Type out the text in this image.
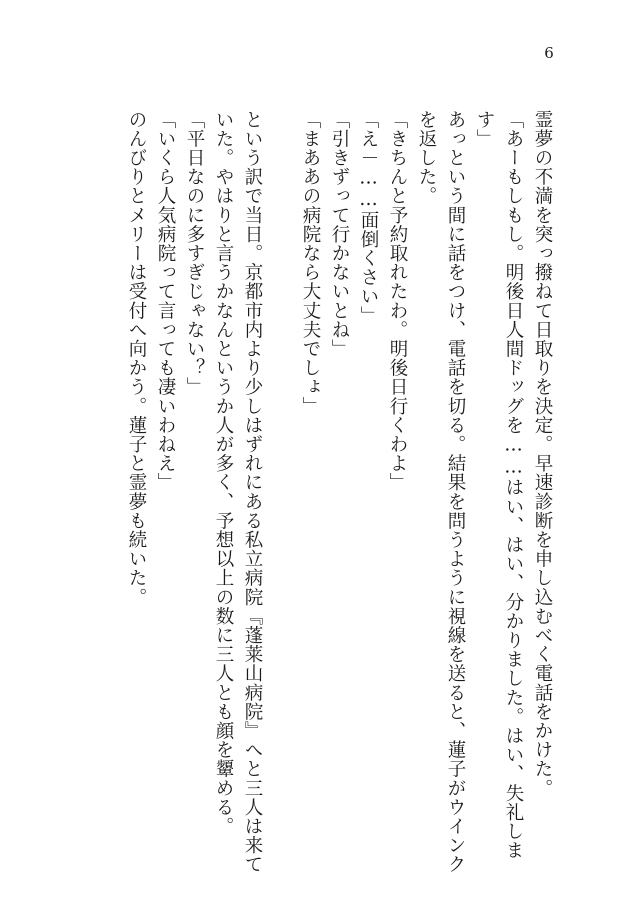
6
霊夢の不満を突っ撥ねて日取りを決定。早速診断を申し込むべく電話をかけた。
「あーもしもし。明後日人間ドッグを……はい、はい、分かりました。はい、失礼しま
す」
あっという間に話をつけ、電話を切る。結果を問うように視線を送ると、蓮子がウインク
を返した。
「きちんと予約取れたわ。明後日行くわよ」
「え－……面倒くさい」
「引きずって行かないとね」
「まああの病院なら大丈夫でしょ」
という訳で当日。京都市内より少しはずれにある私立病院『蓬莱山病院』へと三人は来て
いた。やはりと言うかなんというか人が多く、予想以上の数に三人とも顔を顰める。
「平日なのに多すぎじゃない？」
「いくら人気病院って言っても凄いわねえ」
のんびりとメリーは受付へ向かう。蓮子と霊夢も続いた。
